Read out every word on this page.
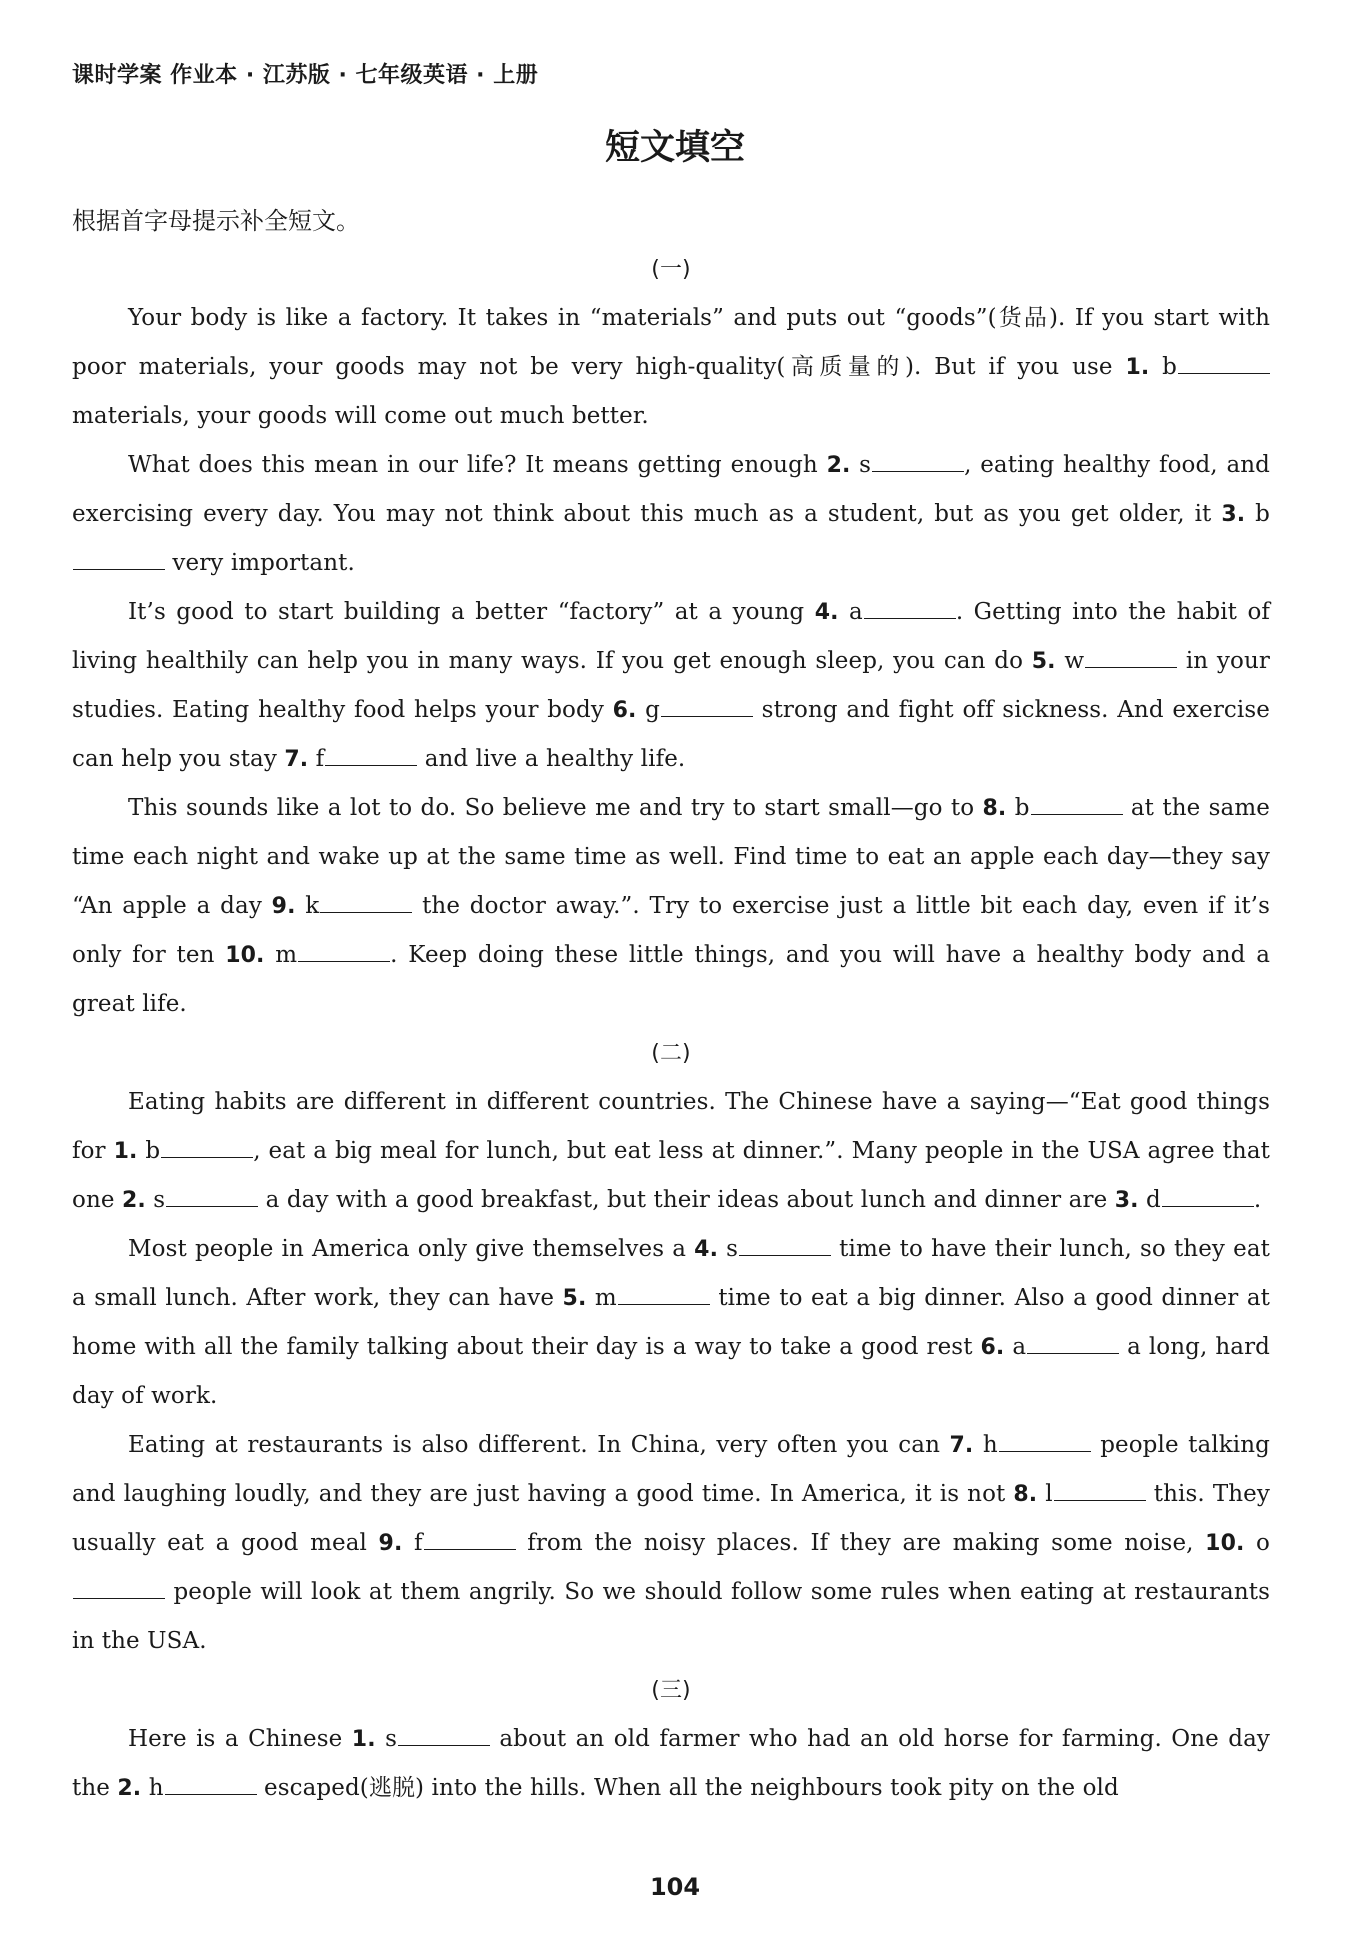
课时学案 作业本 · 江苏版 · 七年级英语 · 上册
短文填空
根据首字母提示补全短文。

(一)

Your body is like a factory. It takes in “materials” and puts out “goods”(货品). If you start with poor materials, your goods may not be very high-quality(高质量的). But if you use 1. b materials, your goods will come out much better.

What does this mean in our life? It means getting enough 2. s	, eating healthy food, and exercising every day. You may not think about this much as a student, but as you get older, it 3. b very important.

It’s good to start building a better “factory” at a young 4. a	. Getting into the habit of living healthily can help you in many ways. If you get enough sleep, you can do 5. w	in your studies. Eating healthy food helps your body 6. g	strong and fight off sickness. And exercise can help you stay 7. f	and live a healthy life.

This sounds like a lot to do. So believe me and try to start small—go to 8. b	at the same time each night and wake up at the same time as well. Find time to eat an apple each day—they say “An apple a day 9. k	the doctor away.”. Try to exercise just a little bit each day, even if it’s only for ten 10. m	. Keep doing these little things, and you will have a healthy body and a great life.

(二)

Eating habits are different in different countries. The Chinese have a saying—“Eat good things for 1. b	, eat a big meal for lunch, but eat less at dinner.”. Many people in the USA agree that one 2. s	a day with a good breakfast, but their ideas about lunch and dinner are 3. d	.

Most people in America only give themselves a 4. s	time to have their lunch, so they eat a small lunch. After work, they can have 5. m	time to eat a big dinner. Also a good dinner at home with all the family talking about their day is a way to take a good rest 6. a	a long, hard day of work.

Eating at restaurants is also different. In China, very often you can 7. h	people talking and laughing loudly, and they are just having a good time. In America, it is not 8. l	this. They usually eat a good meal 9. f	from the noisy places. If they are making some noise, 10. o people will look at them angrily. So we should follow some rules when eating at restaurants in the USA.

(三)

Here is a Chinese 1. s	about an old farmer who had an old horse for farming. One day the 2. h	escaped(逃脱) into the hills. When all the neighbours took pity on the old

104
